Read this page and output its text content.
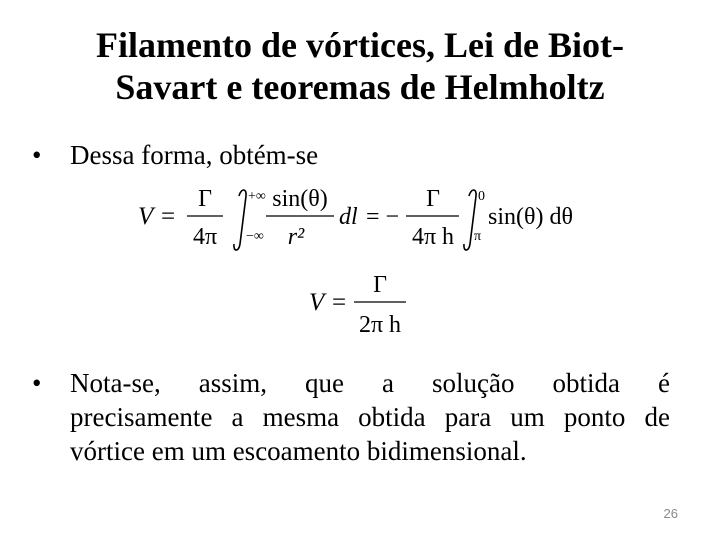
Filamento de vórtices, Lei de Biot-
Savart e teoremas de Helmholtz
• Dessa forma, obtém-se
V =
Γ
4π
+∞
−∞
sin(θ)
r²
dl = −
Γ
4π h
0
π
sin(θ) dθ
V =
Γ
2π h
• Nota-se, assim, que a solução obtida é
precisamente a mesma obtida para um ponto de
vórtice em um escoamento bidimensional.
26
